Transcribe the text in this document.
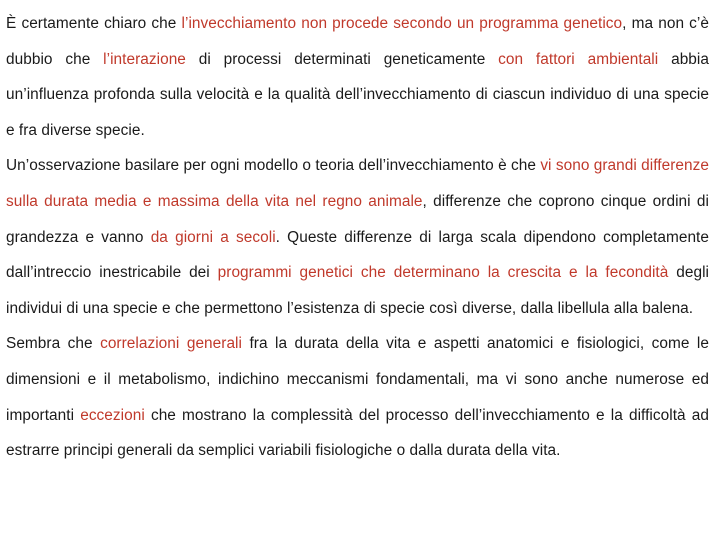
È certamente chiaro che l’invecchiamento non procede secondo un programma genetico, ma non c’è dubbio che l’interazione di processi determinati geneticamente con fattori ambientali abbia un’influenza profonda sulla velocità e la qualità dell’invecchiamento di ciascun individuo di una specie e fra diverse specie.

Un’osservazione basilare per ogni modello o teoria dell’invecchiamento è che vi sono grandi differenze sulla durata media e massima della vita nel regno animale, differenze che coprono cinque ordini di grandezza e vanno da giorni a secoli. Queste differenze di larga scala dipendono completamente dall’intreccio inestricabile dei programmi genetici che determinano la crescita e la fecondità degli individui di una specie e che permettono l’esistenza di specie così diverse, dalla libellula alla balena.

Sembra che correlazioni generali fra la durata della vita e aspetti anatomici e fisiologici, come le dimensioni e il metabolismo, indichino meccanismi fondamentali, ma vi sono anche numerose ed importanti eccezioni che mostrano la complessità del processo dell’invecchiamento e la difficoltà ad estrarre principi generali da semplici variabili fisiologiche o dalla durata della vita.
